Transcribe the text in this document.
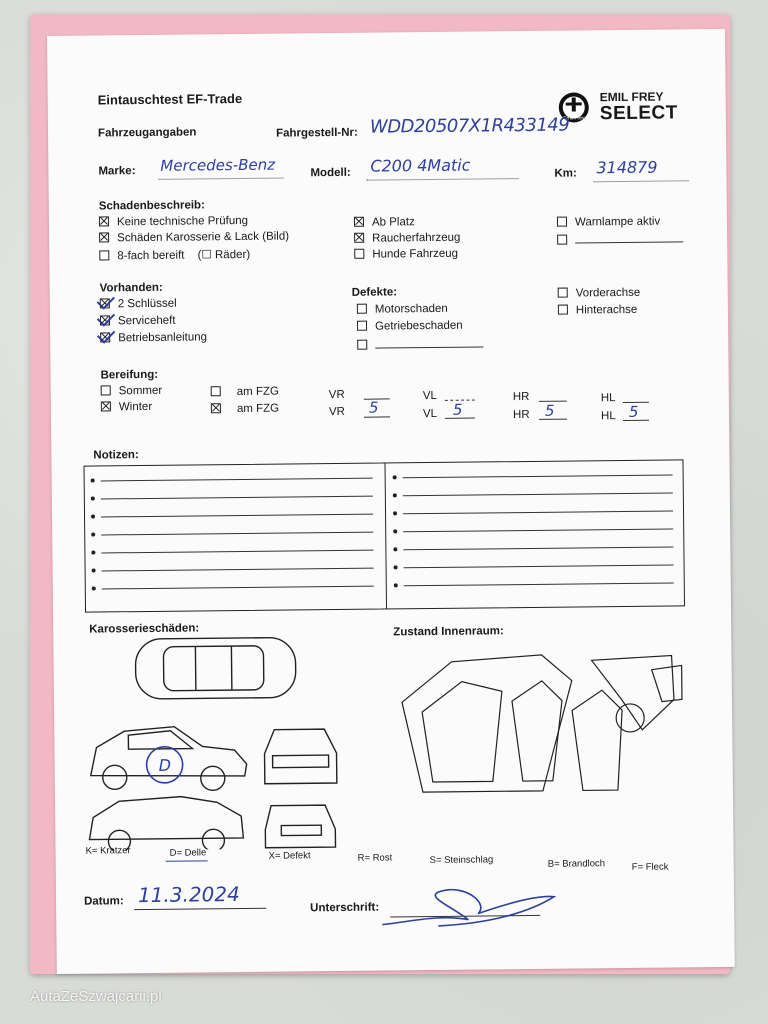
Eintauschtest EF-Trade
Emil Frey
EMIL FREY
SELECT
Fahrzeugangaben	Fahrgestell-Nr: WDD20507X1R433149
Marke: Mercedes-Benz	Modell: C200 4Matic	Km: 314879
Schadenbeschreib:
Keine technische Prüfung
Schäden Karosserie & Lack (Bild)
8-fach bereift (☐ Räder)
Ab Platz
Raucherfahrzeug
Hunde Fahrzeug
Warnlampe aktiv
Vorhanden:
2 Schlüssel
Serviceheft
Betriebsanleitung
Defekte:
Motorschaden
Getriebeschaden
Vorderachse
Hinterachse
Bereifung:
Sommer	am FZG	VR	VL	HR	HL
Winter	am FZG	VR 5	VL 5	HR 5	HL 5
Notizen:
Karosserieschäden:
D
Zustand Innenraum:
K= Kratzer	D= Delle	X= Defekt	R= Rost	S= Steinschlag	B= Brandloch	F= Fleck
Datum: 11.3.2024
Unterschrift:
AutaZeSzwajcarii.pl
